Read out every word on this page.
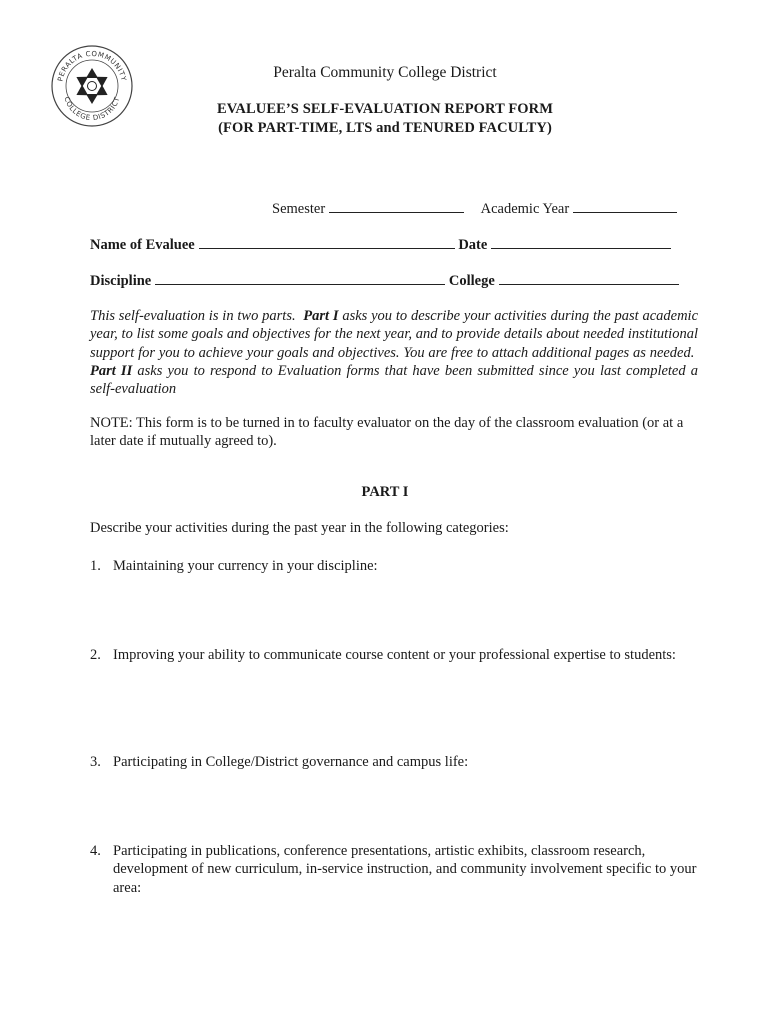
PERALTA COMMUNITY
COLLEGE DISTRICT
Peralta Community College District
EVALUEE’S SELF-EVALUATION REPORT FORM
(FOR PART-TIME, LTS and TENURED FACULTY)
Semester	Academic Year
Name of Evaluee	Date
Discipline	College
This self-evaluation is in two parts. Part I asks you to describe your activities during the past academic year, to list some goals and objectives for the next year, and to provide details about needed institutional support for you to achieve your goals and objectives. You are free to attach additional pages as needed.  Part II asks you to respond to Evaluation forms that have been submitted since you last completed a self-evaluation
NOTE: This form is to be turned in to faculty evaluator on the day of the classroom evaluation (or at a later date if mutually agreed to).
PART I
Describe your activities during the past year in the following categories:
1. Maintaining your currency in your discipline:
2. Improving your ability to communicate course content or your professional expertise to students:
3. Participating in College/District governance and campus life:
4. Participating in publications, conference presentations, artistic exhibits, classroom research, development of new curriculum, in-service instruction, and community involvement specific to your area:
